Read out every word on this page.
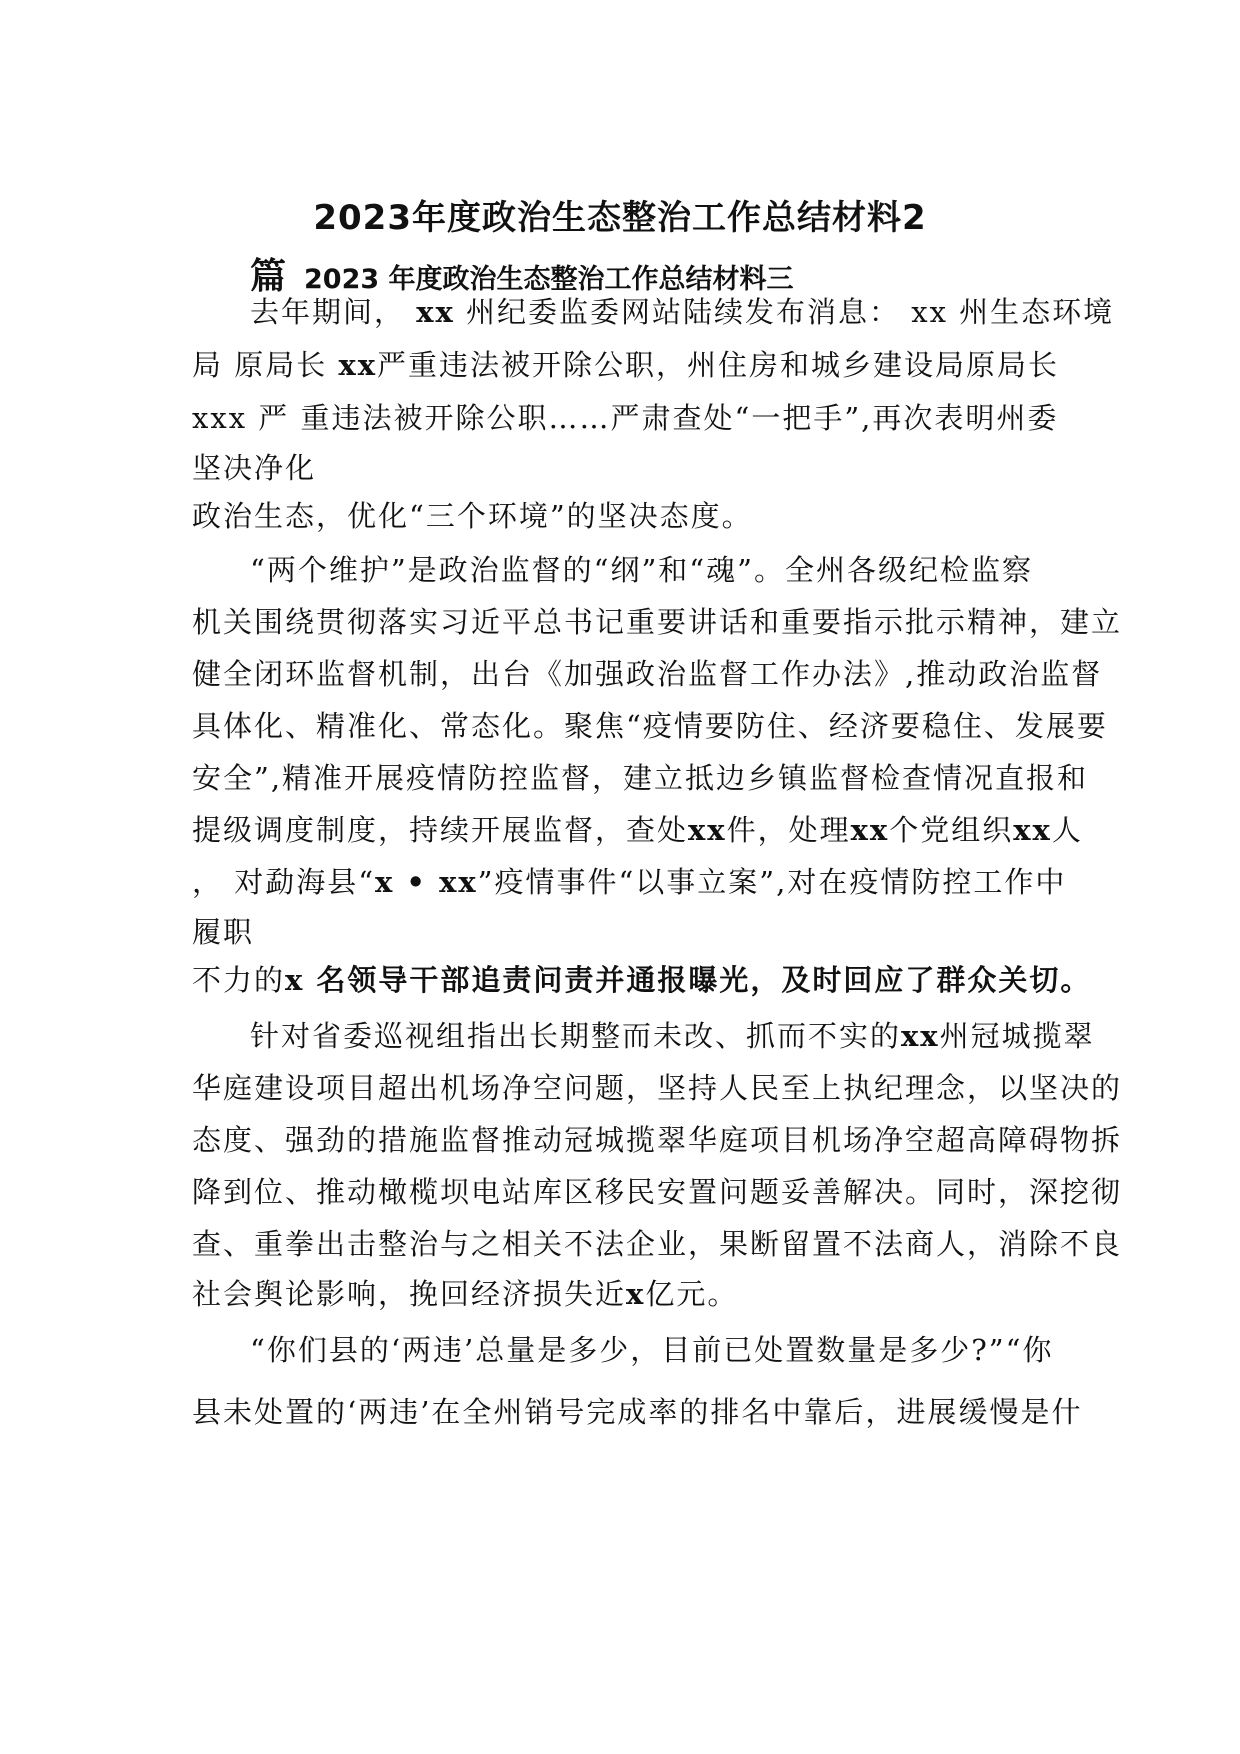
2023年度政治生态整治工作总结材料2
篇 2023 年度政治生态整治工作总结材料三
去年期间， xx 州纪委监委网站陆续发布消息： xx 州生态环境
局 原局长 xx严重违法被开除公职，州住房和城乡建设局原局长
xxx 严 重违法被开除公职……严肃查处“一把手”,再次表明州委
坚决净化
政治生态，优化“三个环境”的坚决态度。
“两个维护”是政治监督的“纲”和“魂”。全州各级纪检监察
机关围绕贯彻落实习近平总书记重要讲话和重要指示批示精神，建立
健全闭环监督机制，出台《加强政治监督工作办法》,推动政治监督
具体化、精准化、常态化。聚焦“疫情要防住、经济要稳住、发展要
安全”,精准开展疫情防控监督，建立抵边乡镇监督检查情况直报和
提级调度制度，持续开展监督，查处xx件，处理xx个党组织xx人
， 对勐海县“x • xx”疫情事件“以事立案”,对在疫情防控工作中
履职
不力的x 名领导干部追责问责并通报曝光，及时回应了群众关切。
针对省委巡视组指出长期整而未改、抓而不实的xx州冠城揽翠
华庭建设项目超出机场净空问题，坚持人民至上执纪理念，以坚决的
态度、强劲的措施监督推动冠城揽翠华庭项目机场净空超高障碍物拆
降到位、推动橄榄坝电站库区移民安置问题妥善解决。同时，深挖彻
查、重拳出击整治与之相关不法企业，果断留置不法商人，消除不良
社会舆论影响，挽回经济损失近x亿元。
“你们县的‘两违’总量是多少，目前已处置数量是多少?”“你
县未处置的‘两违’在全州销号完成率的排名中靠后，进展缓慢是什
